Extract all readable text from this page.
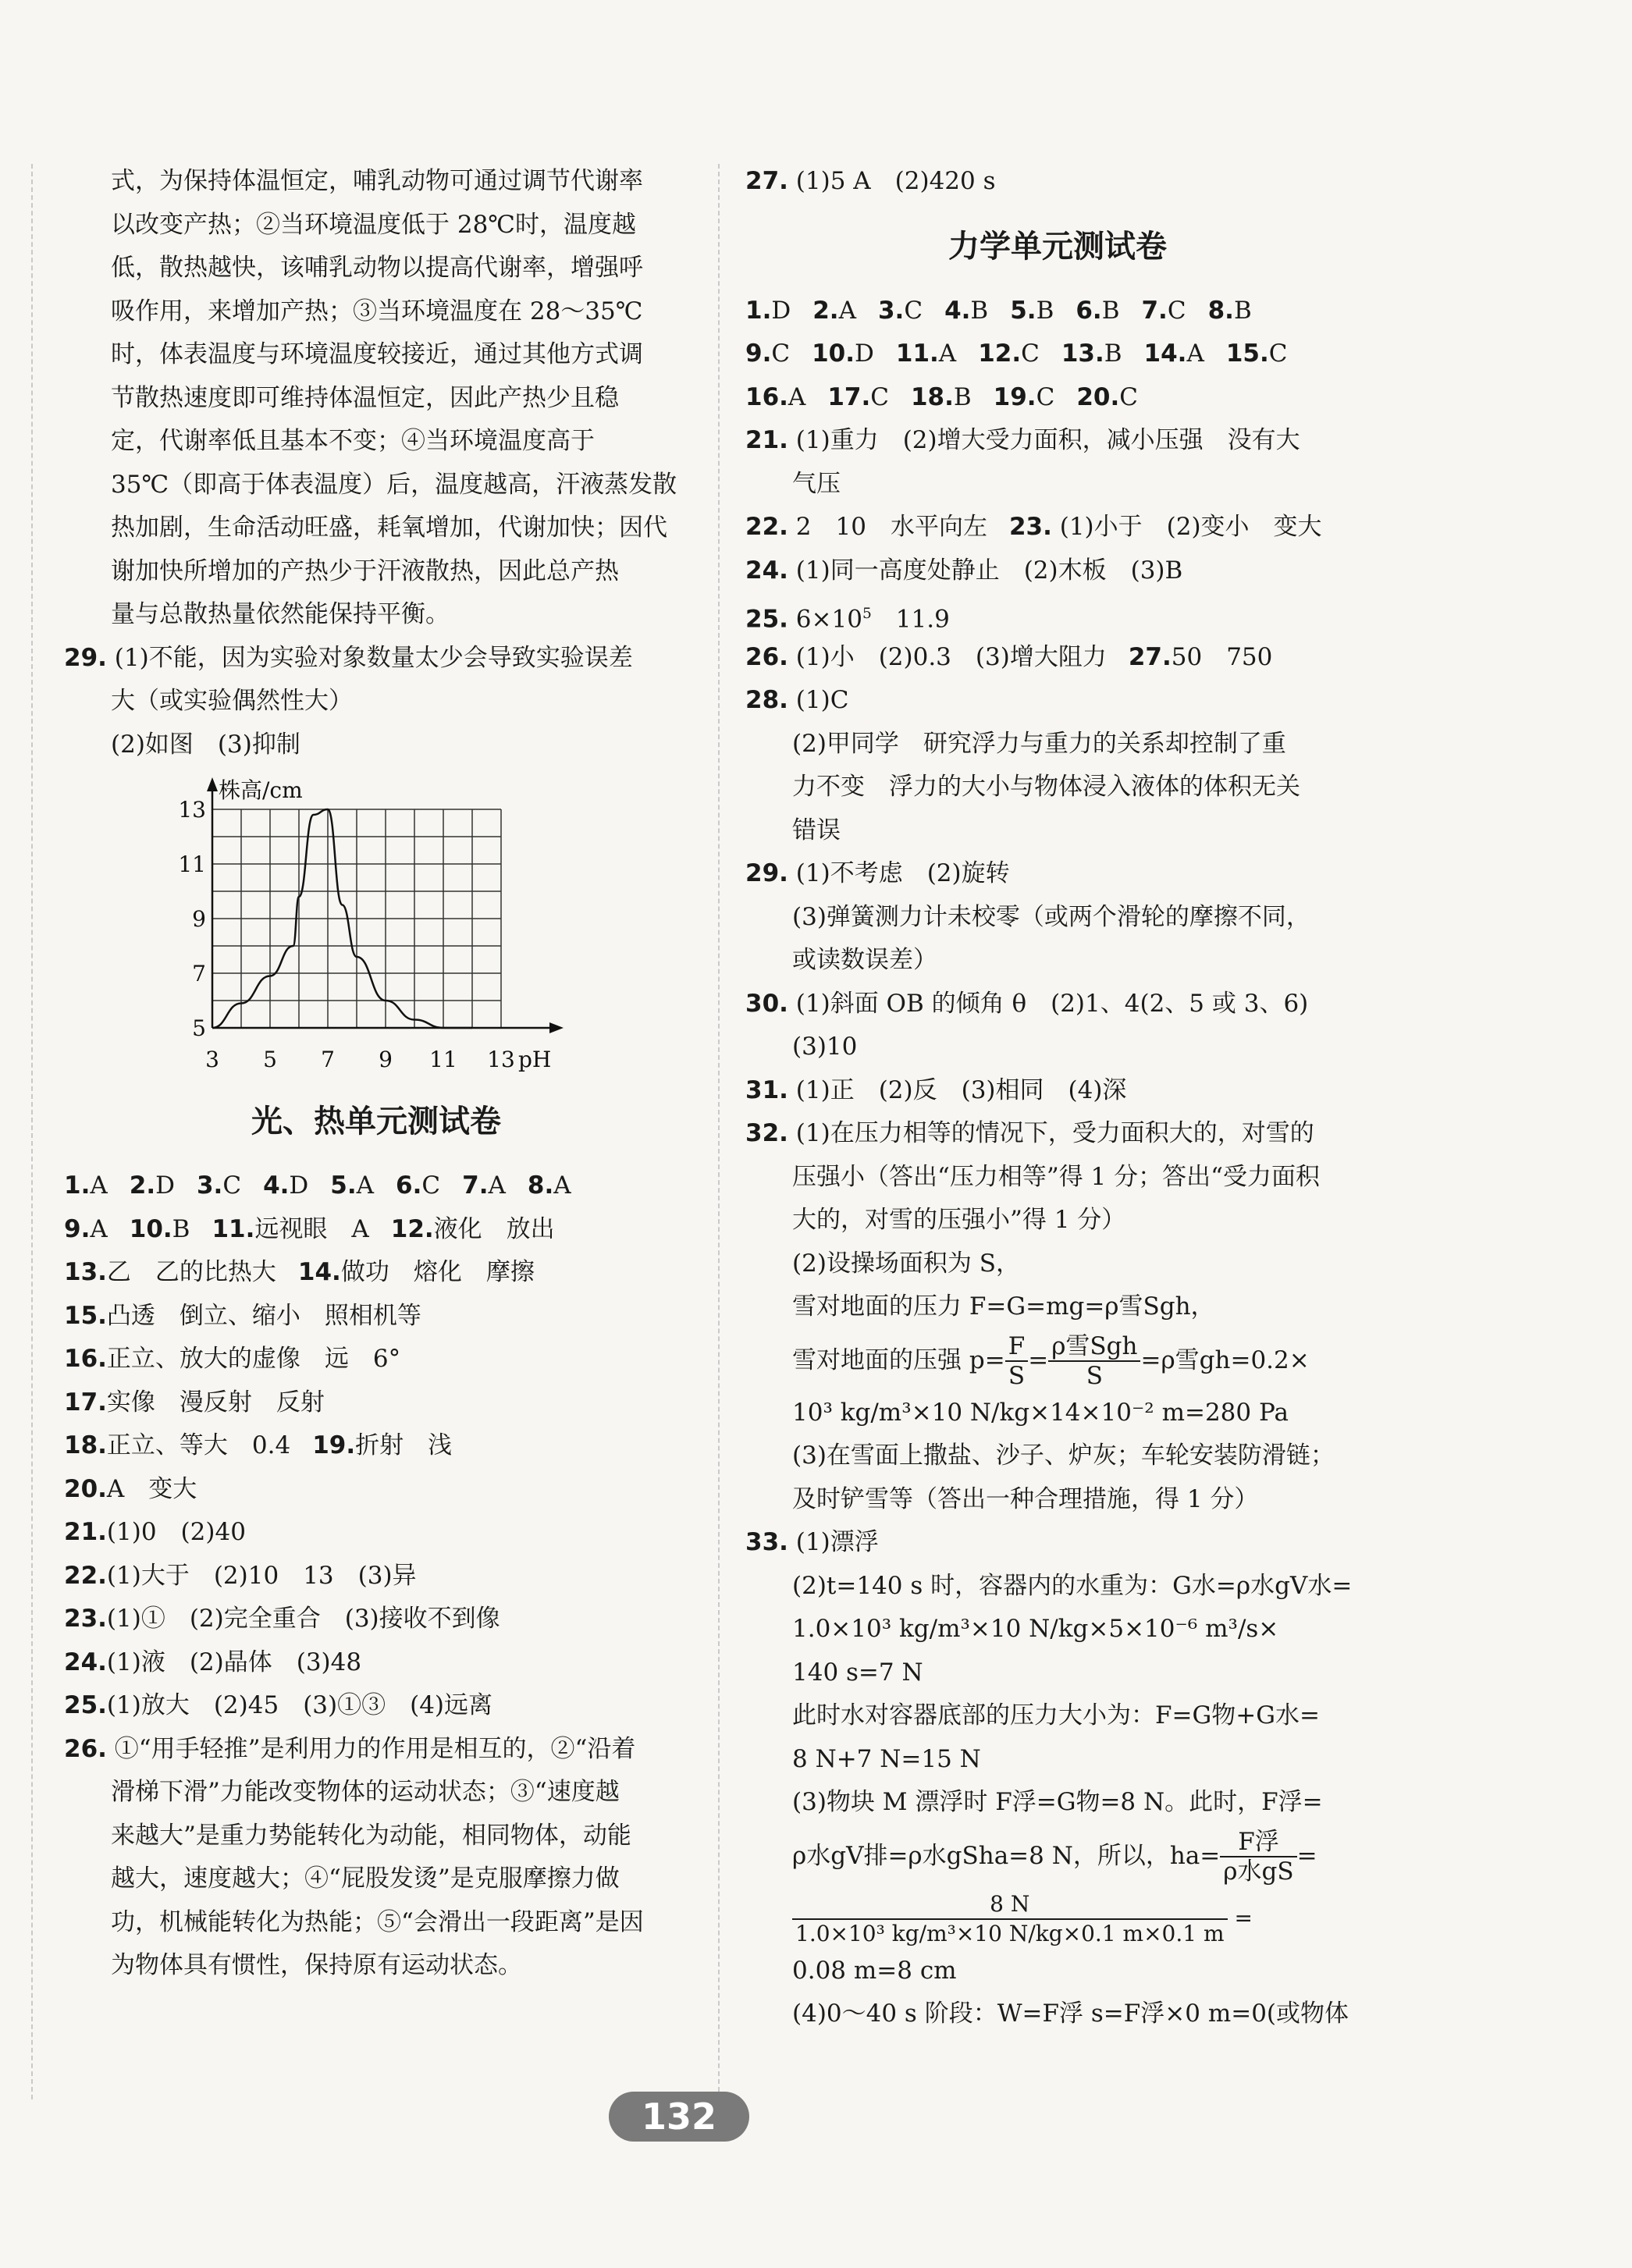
式，为保持体温恒定，哺乳动物可通过调节代谢率
以改变产热；②当环境温度低于 28℃时，温度越
低，散热越快，该哺乳动物以提高代谢率，增强呼
吸作用，来增加产热；③当环境温度在 28～35℃
时，体表温度与环境温度较接近，通过其他方式调
节散热速度即可维持体温恒定，因此产热少且稳
定，代谢率低且基本不变；④当环境温度高于
35℃（即高于体表温度）后，温度越高，汗液蒸发散
热加剧，生命活动旺盛，耗氧增加，代谢加快；因代
谢加快所增加的产热少于汗液散热，因此总产热
量与总散热量依然能保持平衡。
29. (1)不能，因为实验对象数量太少会导致实验误差
大（或实验偶然性大）
(2)如图　(3)抑制
5
7
9
11
13
3 5 7 9 11 13
株高/cm
pH
光、热单元测试卷
1.A 2.D 3.C 4.D 5.A 6.C 7.A 8.A
9.A 10.B 11.远视眼　A 12.液化　放出
13.乙　乙的比热大 14.做功　熔化　摩擦
15.凸透　倒立、缩小　照相机等
16.正立、放大的虚像　远　6°
17.实像　漫反射　反射
18.正立、等大　0.4 19.折射　浅
20.A　变大
21.(1)0　(2)40
22.(1)大于　(2)10　13　(3)异
23.(1)①　(2)完全重合　(3)接收不到像
24.(1)液　(2)晶体　(3)48
25.(1)放大　(2)45　(3)①③　(4)远离
26. ①“用手轻推”是利用力的作用是相互的，②“沿着
滑梯下滑”力能改变物体的运动状态；③“速度越
来越大”是重力势能转化为动能，相同物体，动能
越大，速度越大；④“屁股发烫”是克服摩擦力做
功，机械能转化为热能；⑤“会滑出一段距离”是因
为物体具有惯性，保持原有运动状态。
27. (1)5 A　(2)420 s
力学单元测试卷
1.D 2.A 3.C 4.B 5.B 6.B 7.C 8.B
9.C 10.D 11.A 12.C 13.B 14.A 15.C
16.A 17.C 18.B 19.C 20.C
21. (1)重力　(2)增大受力面积，减小压强　没有大
气压
22. 2　10　水平向左 23. (1)小于　(2)变小　变大
24. (1)同一高度处静止　(2)木板　(3)B
25. $6\times 10^5$　11.9
26. (1)小　(2)0.3　(3)增大阻力 27.50　750
28. (1)C
(2)甲同学　研究浮力与重力的关系却控制了重
力不变　浮力的大小与物体浸入液体的体积无关
错误
29. (1)不考虑　(2)旋转
(3)弹簧测力计未校零（或两个滑轮的摩擦不同，
或读数误差）
30. (1)斜面 OB 的倾角 θ　(2)1、4(2、5 或 3、6)
(3)10
31. (1)正　(2)反　(3)相同　(4)深
32. (1)在压力相等的情况下，受力面积大的，对雪的
压强小（答出“压力相等”得 1 分；答出“受力面积
大的，对雪的压强小”得 1 分）
(2)设操场面积为 S，
雪对地面的压力 F=G=mg=ρ雪Sgh，
雪对地面的压强 $p= \frac{F}{S} = \frac{\text{ρ雪Sgh}}{S} =\rho$雪gh=0.2×
10³ kg/m³×10 N/kg×14×10⁻² m=280 Pa
(3)在雪面上撒盐、沙子、炉灰；车轮安装防滑链；
及时铲雪等（答出一种合理措施，得 1 分）
33. (1)漂浮
(2)t=140 s 时，容器内的水重为：G水=ρ水gV水=
1.0×10³ kg/m³×10 N/kg×5×10⁻⁶ m³/s×
140 s=7 N
此时水对容器底部的压力大小为：F=G物+G水=
8 N+7 N=15 N
(3)物块 M 漂浮时 F浮=G物=8 N。此时，F浮=
ρ水gV排=ρ水gSha=8 N，所以，$ha= \frac{\text{F浮}}{\text{ρ水gS}}$ =
$\frac{8 N}{\text{1.0×10³ kg/m³×10 N/kg×0.1 m×0.1 m}}$ =
0.08 m=8 cm
(4)0～40 s 阶段：W=F浮 s=F浮×0 m=0(或物体
132
